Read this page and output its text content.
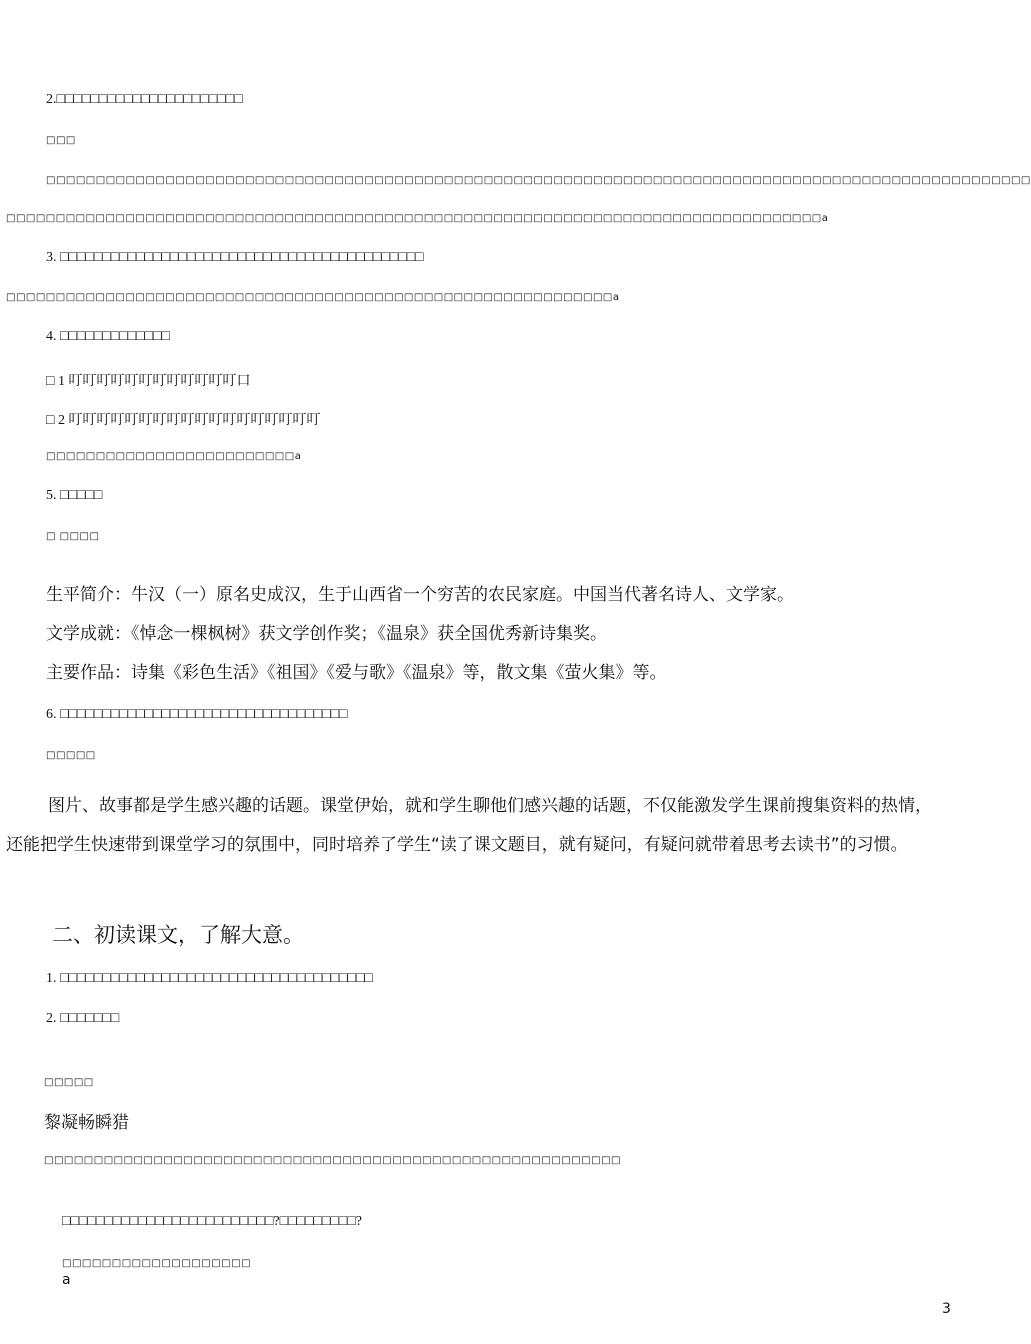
2.□□□□□□□□□□□□□□□□□□□□□□
□□□
□□□□□□□□□□□□□□□□□□□□□□□□□□□□□□□□□□□□□□□□□□□□□□□□□□□□□□□□□□□□□□□□□□□□□□□□□□□□□□□□□□□□□□□□□□□□□□□□□□□
□□□□□□□□□□□□□□□□□□□□□□□□□□□□□□□□□□□□□□□□□□□□□□□□□□□□□□□□□□□□□□□□□□□□□□□□□□□□□□□□□□a
3. □□□□□□□□□□□□□□□□□□□□□□□□□□□□□□□□□□□□□□□□□□□
□□□□□□□□□□□□□□□□□□□□□□□□□□□□□□□□□□□□□□□□□□□□□□□□□□□□□□□□□□□□□a
4. □□□□□□□□□□□□□
□ 1 叮叮叮叮叮叮叮叮叮叮叮叮口
□ 2 叮叮叮叮叮叮叮叮叮叮叮叮叮叮叮叮叮叮
□□□□□□□□□□□□□□□□□□□□□□□□□a
5. □□□□□
□ □□□□
生平简介：牛汉（一）原名史成汉，生于山西省一个穷苦的农民家庭。中国当代著名诗人、文学家。
文学成就：《悼念一棵枫树》获文学创作奖；《温泉》获全国优秀新诗集奖。
主要作品：诗集《彩色生活》《祖国》《爱与歌》《温泉》等，散文集《萤火集》等。
6. □□□□□□□□□□□□□□□□□□□□□□□□□□□□□□□□□□
□□□□□
图片、故事都是学生感兴趣的话题。课堂伊始，就和学生聊他们感兴趣的话题，不仅能激发学生课前搜集资料的热情，还能把学生快速带到课堂学习的氛围中，同时培养了学生“读了课文题目，就有疑问，有疑问就带着思考去读书”的习惯。
二、初读课文，了解大意。
1. □□□□□□□□□□□□□□□□□□□□□□□□□□□□□□□□□□□□□
2. □□□□□□□
□□□□□
黎凝畅瞬猎
□□□□□□□□□□□□□□□□□□□□□□□□□□□□□□□□□□□□□□□□□□□□□□□□□□□□□□□□□□
□□□□□□□□□□□□□□□□□□□□□□□□□?□□□□□□□□□?
□□□□□□□□□□□□□□□□□□□
a
3
